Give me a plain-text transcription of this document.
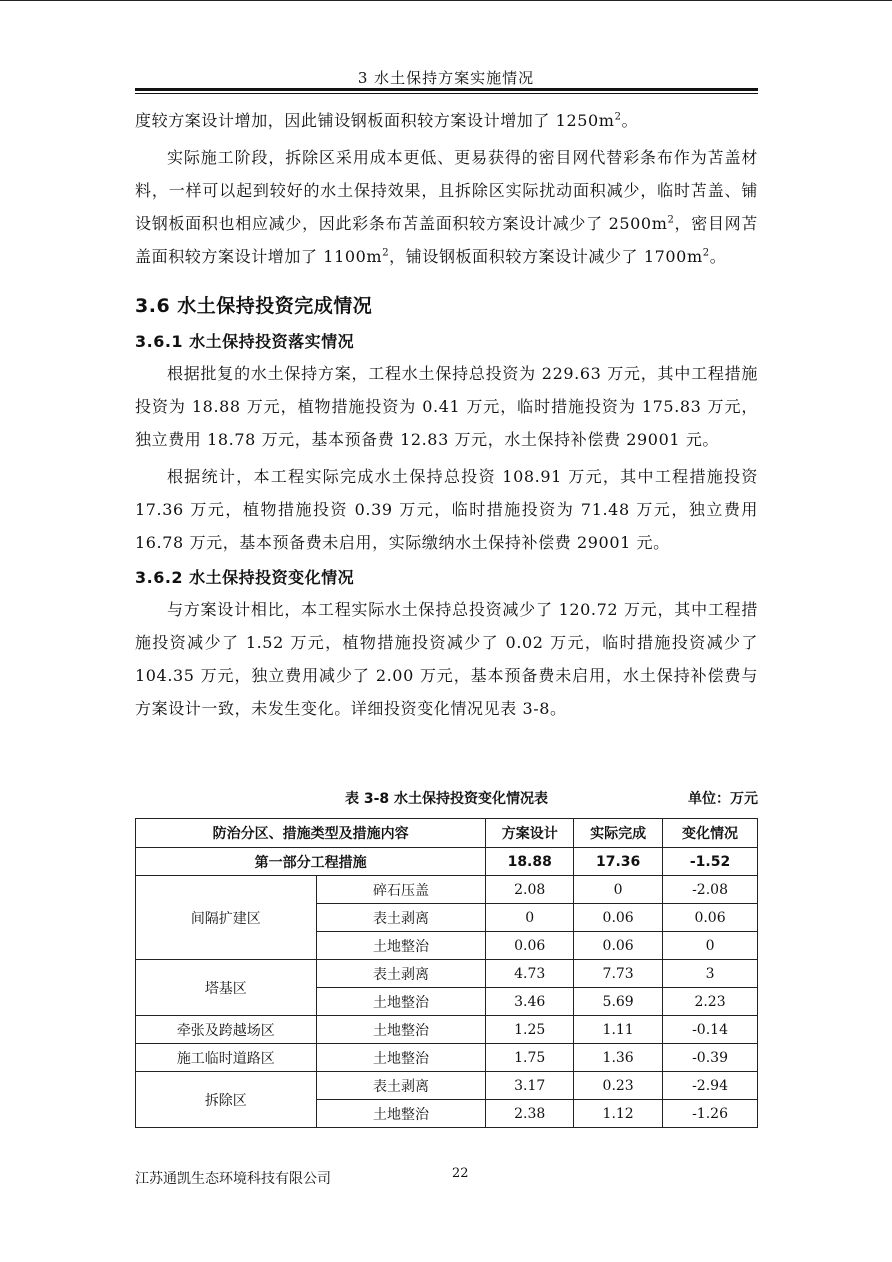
3 水土保持方案实施情况

度较方案设计增加，因此铺设钢板面积较方案设计增加了 $1250m^2$。

实际施工阶段，拆除区采用成本更低、更易获得的密目网代替彩条布作为苫盖材料，一样可以起到较好的水土保持效果，且拆除区实际扰动面积减少，临时苫盖、铺设钢板面积也相应减少，因此彩条布苫盖面积较方案设计减少了 $2500m^2$，密目网苫盖面积较方案设计增加了 $1100m^2$，铺设钢板面积较方案设计减少了 $1700m^2$。

3.6 水土保持投资完成情况
3.6.1 水土保持投资落实情况

根据批复的水土保持方案，工程水土保持总投资为 229.63 万元，其中工程措施投资为 18.88 万元，植物措施投资为 0.41 万元，临时措施投资为 175.83 万元，独立费用 18.78 万元，基本预备费 12.83 万元，水土保持补偿费 29001 元。

根据统计，本工程实际完成水土保持总投资 108.91 万元，其中工程措施投资 17.36 万元，植物措施投资 0.39 万元，临时措施投资为 71.48 万元，独立费用 16.78 万元，基本预备费未启用，实际缴纳水土保持补偿费 29001 元。

3.6.2 水土保持投资变化情况

与方案设计相比，本工程实际水土保持总投资减少了 120.72 万元，其中工程措施投资减少了 1.52 万元，植物措施投资减少了 0.02 万元，临时措施投资减少了 104.35 万元，独立费用减少了 2.00 万元，基本预备费未启用，水土保持补偿费与方案设计一致，未发生变化。详细投资变化情况见表 3-8。

表 3-8 水土保持投资变化情况表	单位：万元
防治分区、措施类型及措施内容		方案设计	实际完成	变化情况
第一部分工程措施		18.88	17.36	-1.52
间隔扩建区	碎石压盖	2.08	0	-2.08
	表土剥离	0	0.06	0.06
	土地整治	0.06	0.06	0
塔基区	表土剥离	4.73	7.73	3
	土地整治	3.46	5.69	2.23
牵张及跨越场区	土地整治	1.25	1.11	-0.14
施工临时道路区	土地整治	1.75	1.36	-0.39
拆除区	表土剥离	3.17	0.23	-2.94
	土地整治	2.38	1.12	-1.26
江苏通凯生态环境科技有限公司	22
